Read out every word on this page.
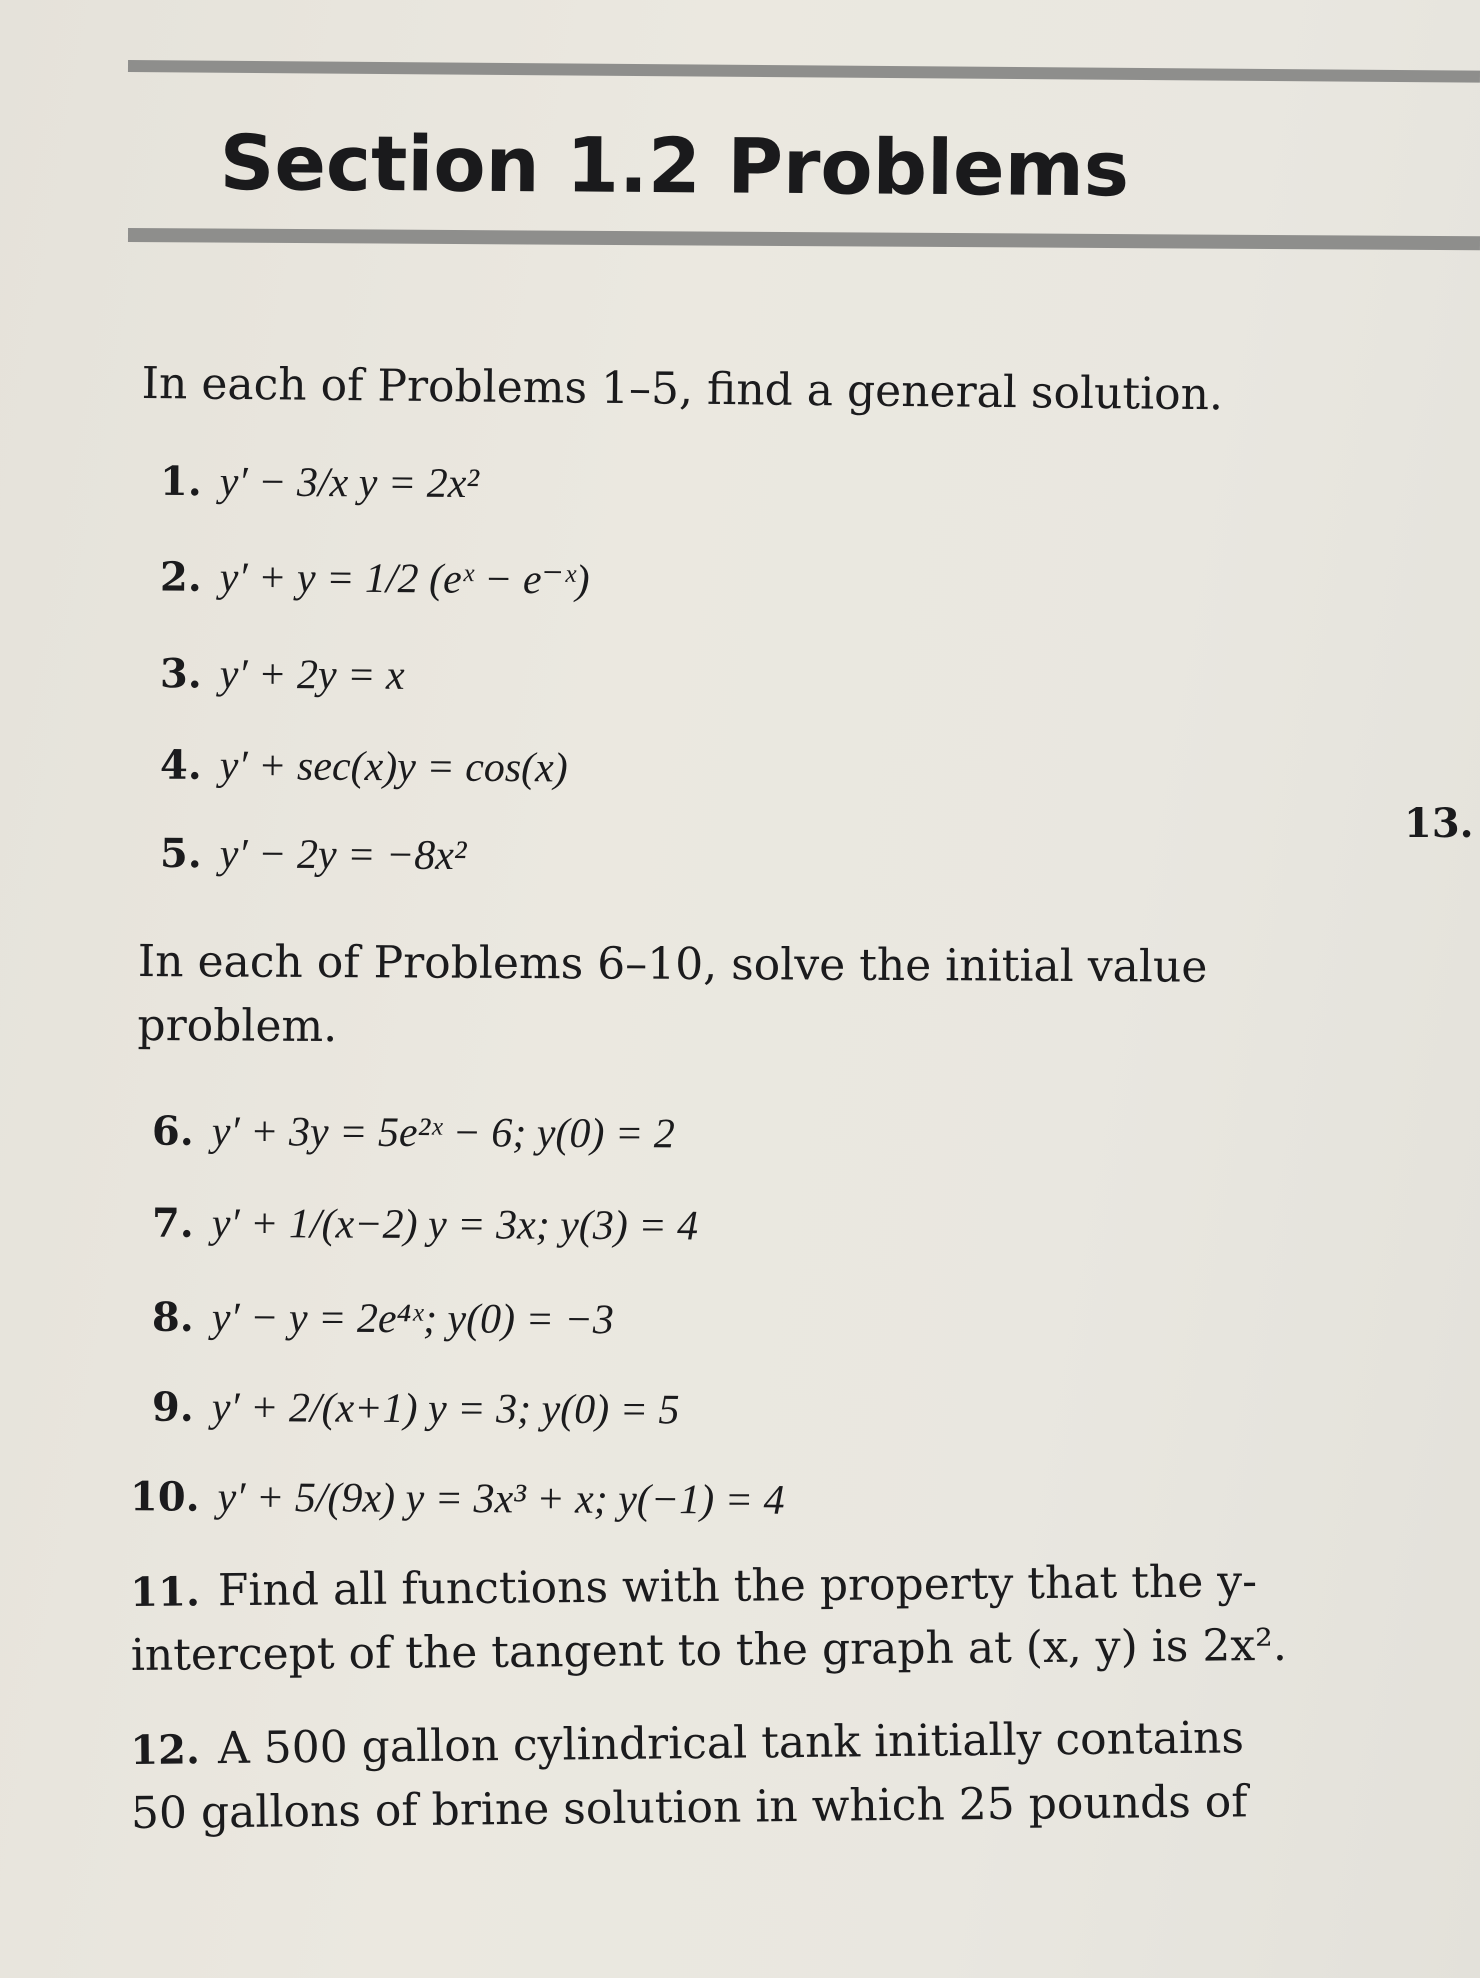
Section 1.2 Problems
In each of Problems 1–5, find a general solution.
1. y′ − 3/x y = 2x²
2. y′ + y = 1/2 (eˣ − e⁻ˣ)
3. y′ + 2y = x
4. y′ + sec(x)y = cos(x)
5. y′ − 2y = −8x²
13.
In each of Problems 6–10, solve the initial value problem.
6. y′ + 3y = 5e²ˣ − 6; y(0) = 2
7. y′ + 1/(x−2) y = 3x; y(3) = 4
8. y′ − y = 2e⁴ˣ; y(0) = −3
9. y′ + 2/(x+1) y = 3; y(0) = 5
10. y′ + 5/(9x) y = 3x³ + x; y(−1) = 4
11. Find all functions with the property that the y-intercept of the tangent to the graph at (x, y) is 2x².
12. A 500 gallon cylindrical tank initially contains 50 gallons of brine solution in which 25 pounds of
